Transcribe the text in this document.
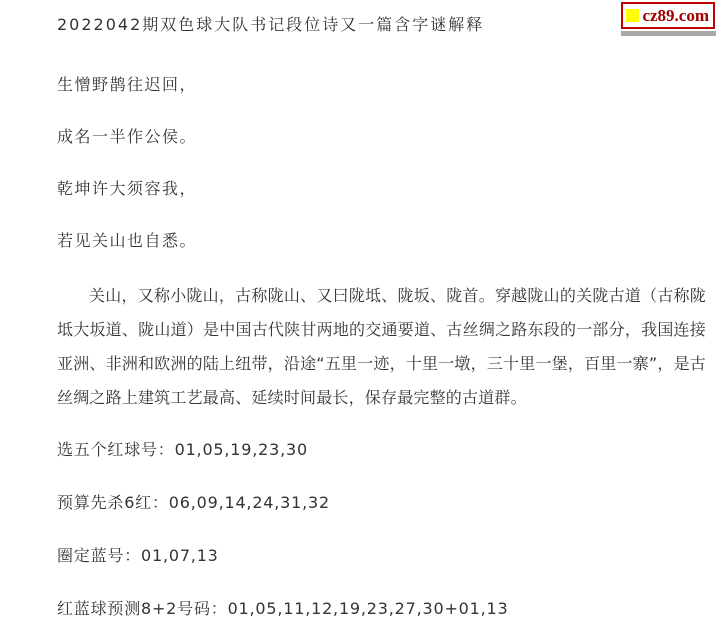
cz89.com
2022042期双色球大队书记段位诗又一篇含字谜解释

生憎野鹊往迟回，

成名一半作公侯。

乾坤许大须容我，

若见关山也自悉。

关山，又称小陇山，古称陇山、又曰陇坻、陇坂、陇首。穿越陇山的关陇古道（古称陇坻大坂道、陇山道）是中国古代陕甘两地的交通要道、古丝绸之路东段的一部分，我国连接亚洲、非洲和欧洲的陆上纽带，沿途“五里一迹，十里一墩，三十里一堡，百里一寨”，是古丝绸之路上建筑工艺最高、延续时间最长，保存最完整的古道群。

选五个红球号：01,05,19,23,30

预算先杀6红：06,09,14,24,31,32

圈定蓝号：01,07,13

红蓝球预测8+2号码：01,05,11,12,19,23,27,30+01,13
